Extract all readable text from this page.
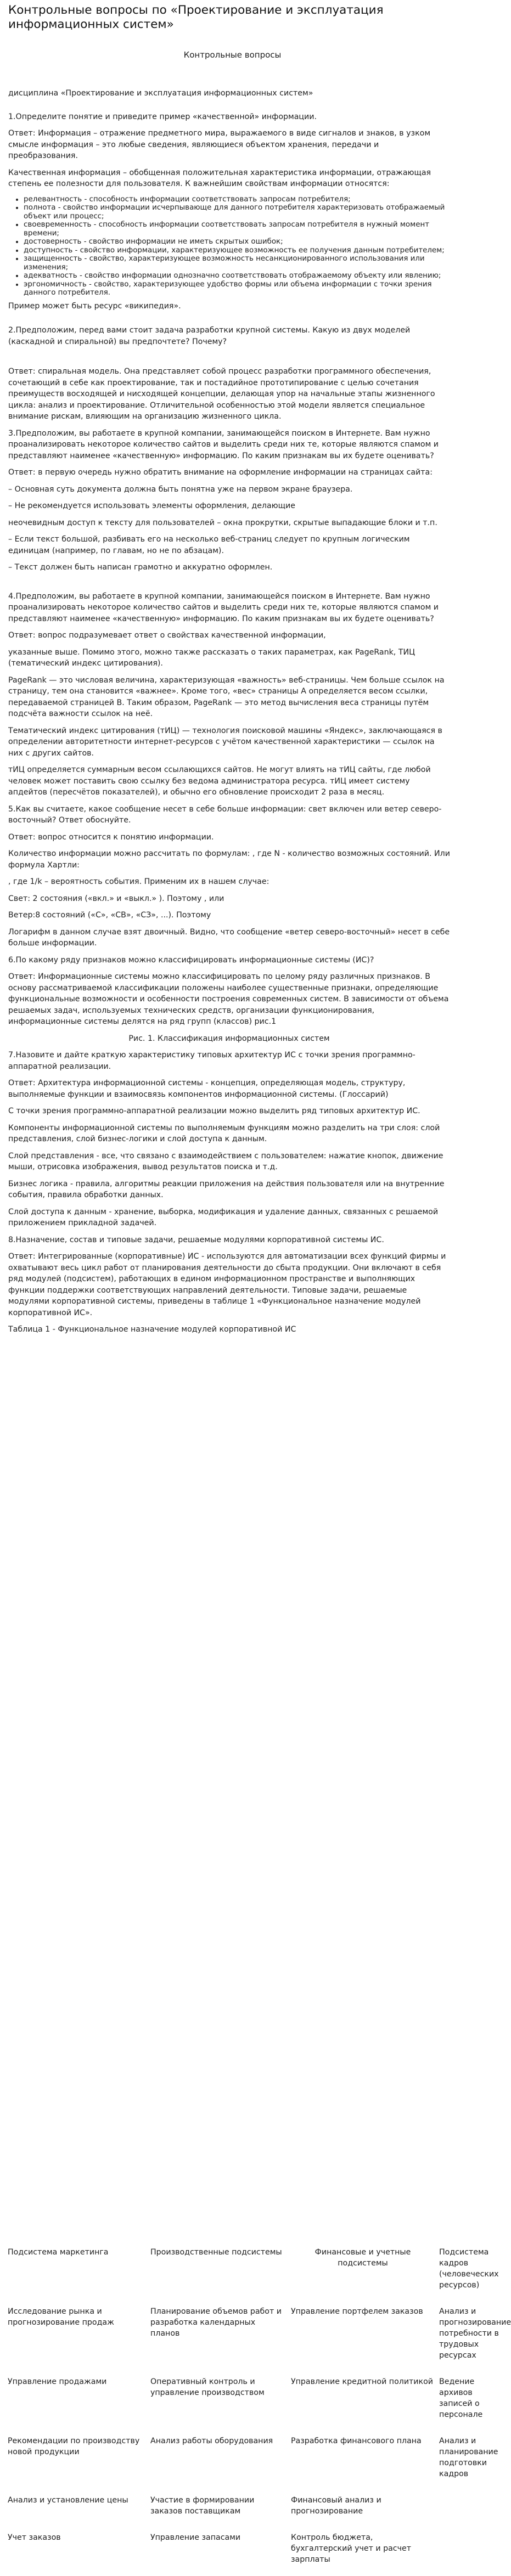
Контрольные вопросы по «Проектирование и эксплуатация информационных систем»
Контрольные вопросы

дисциплина «Проектирование и эксплуатация информационных систем»

1.Определите понятие и приведите пример «качественной» информации.

Ответ: Информация – отражение предметного мира, выражаемого в виде сигналов и знаков, в узком смысле информация – это любые сведения, являющиеся объектом хранения, передачи и преобразования.

Качественная информация – обобщенная положительная характеристика информации, отражающая степень ее полезности для пользователя. К важнейшим свойствам информации относятся:

• релевантность - способность информации соответствовать запросам потребителя;
• полнота - свойство информации исчерпывающе для данного потребителя характеризовать отображаемый объект или процесс;
• своевременность - способность информации соответствовать запросам потребителя в нужный момент времени;
• достоверность - свойство информации не иметь скрытых ошибок;
• доступность - свойство информации, характеризующее возможность ее получения данным потребителем;
• защищенность - свойство, характеризующее возможность несанкционированного использования или изменения;
• адекватность - свойство информации однозначно соответствовать отображаемому объекту или явлению;
• эргономичность - свойство, характеризующее удобство формы или объема информации с точки зрения данного потребителя.

Пример может быть ресурс «википедия».

2.Предположим, перед вами стоит задача разработки крупной системы. Какую из двух моделей (каскадной и спиральной) вы предпочтете? Почему?

Ответ: спиральная модель. Она представляет собой процесс разработки программного обеспечения, сочетающий в себе как проектирование, так и постадийное прототипирование с целью сочетания преимуществ восходящей и нисходящей концепции, делающая упор на начальные этапы жизненного цикла: анализ и проектирование. Отличительной особенностью этой модели является специальное внимание рискам, влияющим на организацию жизненного цикла.

3.Предположим, вы работаете в крупной компании, занимающейся поиском в Интернете. Вам нужно проанализировать некоторое количество сайтов и выделить среди них те, которые являются спамом и представляют наименее «качественную» информацию. По каким признакам вы их будете оценивать?

Ответ: в первую очередь нужно обратить внимание на оформление информации на страницах сайта:

– Основная суть документа должна быть понятна уже на первом экране браузера.

– Не рекомендуется использовать элементы оформления, делающие

неочевидным доступ к тексту для пользователей – окна прокрутки, скрытые выпадающие блоки и т.п.

– Если текст большой, разбивать его на несколько веб-страниц следует по крупным логическим единицам (например, по главам, но не по абзацам).

– Текст должен быть написан грамотно и аккуратно оформлен.

4.Предположим, вы работаете в крупной компании, занимающейся поиском в Интернете. Вам нужно проанализировать некоторое количество сайтов и выделить среди них те, которые являются спамом и представляют наименее «качественную» информацию. По каким признакам вы их будете оценивать?

Ответ: вопрос подразумевает ответ о свойствах качественной информации,

указанные выше. Помимо этого, можно также рассказать о таких параметрах, как PageRank, ТИЦ (тематический индекс цитирования).

PageRank — это числовая величина, характеризующая «важность» веб-страницы. Чем больше ссылок на страницу, тем она становится «важнее». Кроме того, «вес» страницы А определяется весом ссылки, передаваемой страницей B. Таким образом, PageRank — это метод вычисления веса страницы путём подсчёта важности ссылок на неё.

Тематический индекс цитирования (тИЦ) — технология поисковой машины «Яндекс», заключающаяся в определении авторитетности интернет-ресурсов с учётом качественной характеристики — ссылок на них с других сайтов.

тИЦ определяется суммарным весом ссылающихся сайтов. Не могут влиять на тИЦ сайты, где любой человек может поставить свою ссылку без ведома администратора ресурса. тИЦ имеет систему апдейтов (пересчётов показателей), и обычно его обновление происходит 2 раза в месяц.

5.Как вы считаете, какое сообщение несет в себе больше информации: свет включен или ветер северо-восточный? Ответ обоснуйте.

Ответ: вопрос относится к понятию информации.

Количество информации можно рассчитать по формулам: , где N - количество возможных состояний. Или формула Хартли:

, где 1/k – вероятность события. Применим их в нашем случае:

Свет: 2 состояния («вкл.» и «выкл.» ). Поэтому , или

Ветер:8 состояний («С», «СВ», «СЗ», ...). Поэтому

Логарифм в данном случае взят двоичный. Видно, что сообщение «ветер северо-восточный» несет в себе больше информации.

6.По какому ряду признаков можно классифицировать информационные системы (ИС)?

Ответ: Информационные системы можно классифицировать по целому ряду различных признаков. В основу рассматриваемой классификации положены наиболее существенные признаки, определяющие функциональные возможности и особенности построения современных систем. В зависимости от объема решаемых задач, используемых технических средств, организации функционирования, информационные системы делятся на ряд групп (классов) рис.1

Рис. 1. Классификация информационных систем

7.Назовите и дайте краткую характеристику типовых архитектур ИС с точки зрения программно-аппаратной реализации.

Ответ: Архитектура информационной системы - концепция, определяющая модель, структуру, выполняемые функции и взаимосвязь компонентов информационной системы. (Глоссарий)

С точки зрения программно-аппаратной реализации можно выделить ряд типовых архитектур ИС.

Компоненты информационной системы по выполняемым функциям можно разделить на три слоя: слой представления, слой бизнес-логики и слой доступа к данным.

Слой представления - все, что связано с взаимодействием с пользователем: нажатие кнопок, движение мыши, отрисовка изображения, вывод результатов поиска и т.д.

Бизнес логика - правила, алгоритмы реакции приложения на действия пользователя или на внутренние события, правила обработки данных.

Слой доступа к данным - хранение, выборка, модификация и удаление данных, связанных с решаемой приложением прикладной задачей.

8.Назначение, состав и типовые задачи, решаемые модулями корпоративной системы ИС.

Ответ: Интегрированные (корпоративные) ИС - используются для автоматизации всех функций фирмы и охватывают весь цикл работ от планирования деятельности до сбыта продукции. Они включают в себя ряд модулей (подсистем), работающих в едином информационном пространстве и выполняющих функции поддержки соответствующих направлений деятельности. Типовые задачи, решаемые модулями корпоративной системы, приведены в таблице 1 «Функциональное назначение модулей корпоративной ИС».

Таблица 1 - Функциональное назначение модулей корпоративной ИС

Подсистема маркетинга	Производственные подсистемы	Финансовые и учетные подсистемы	Подсистема кадров (человеческих ресурсов)
Исследование рынка и прогнозирование продаж	Планирование объемов работ и разработка календарных планов	Управление портфелем заказов	Анализ и прогнозирование потребности в трудовых ресурсах
Управление продажами	Оперативный контроль и управление производством	Управление кредитной политикой	Ведение архивов записей о персонале
Рекомендации по производству новой продукции	Анализ работы оборудования	Разработка финансового плана	Анализ и планирование подготовки кадров
Анализ и установление цены	Участие в формировании заказов поставщикам	Финансовый анализ и прогнозирование	
Учет заказов	Управление запасами	Контроль бюджета, бухгалтерский учет и расчет зарплаты	
